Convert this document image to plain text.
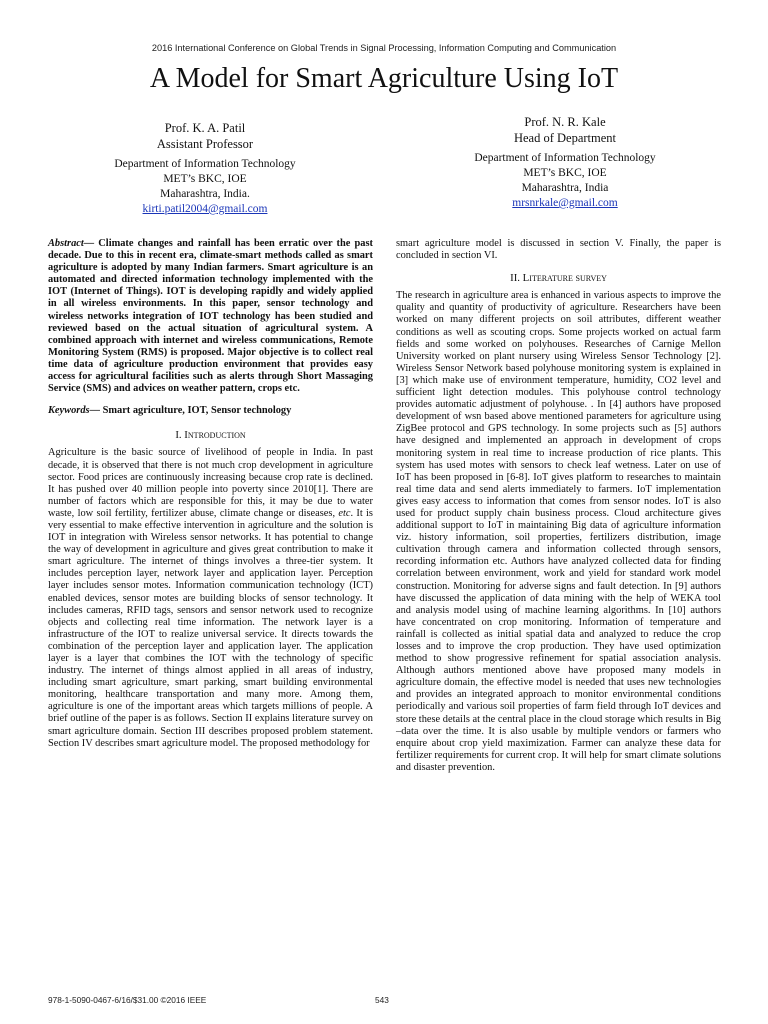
2016 International Conference on Global Trends in Signal Processing, Information Computing and Communication
A Model for Smart Agriculture Using IoT
Prof. K. A. Patil
Assistant Professor
Department of Information Technology
MET’s BKC, IOE
Maharashtra, India.
kirti.patil2004@gmail.com
Prof. N. R. Kale
Head of Department
Department of Information Technology
MET’s BKC, IOE
Maharashtra, India
mrsnrkale@gmail.com

Abstract— Climate changes and rainfall has been erratic over the past decade. Due to this in recent era, climate-smart methods called as smart agriculture is adopted by many Indian farmers. Smart agriculture is an automated and directed information technology implemented with the IOT (Internet of Things). IOT is developing rapidly and widely applied in all wireless environments. In this paper, sensor technology and wireless networks integration of IOT technology has been studied and reviewed based on the actual situation of agricultural system. A combined approach with internet and wireless communications, Remote Monitoring System (RMS) is proposed. Major objective is to collect real time data of agriculture production environment that provides easy access for agricultural facilities such as alerts through Short Massaging Service (SMS) and advices on weather pattern, crops etc.

Keywords— Smart agriculture, IOT, Sensor technology

I. Introduction

Agriculture is the basic source of livelihood of people in India. In past decade, it is observed that there is not much crop development in agriculture sector. Food prices are continuously increasing because crop rate is declined. It has pushed over 40 million people into poverty since 2010[1]. There are number of factors which are responsible for this, it may be due to water waste, low soil fertility, fertilizer abuse, climate change or diseases, etc. It is very essential to make effective intervention in agriculture and the solution is IOT in integration with Wireless sensor networks. It has potential to change the way of development in agriculture and gives great contribution to make it smart agriculture. The internet of things involves a three-tier system. It includes perception layer, network layer and application layer. Perception layer includes sensor motes. Information communication technology (ICT) enabled devices, sensor motes are building blocks of sensor technology. It includes cameras, RFID tags, sensors and sensor network used to recognize objects and collecting real time information. The network layer is a infrastructure of the IOT to realize universal service. It directs towards the combination of the perception layer and application layer. The application layer is a layer that combines the IOT with the technology of specific industry. The internet of things almost applied in all areas of industry, including smart agriculture, smart parking, smart building environmental monitoring, healthcare transportation and many more. Among them, agriculture is one of the important areas which targets millions of people. A brief outline of the paper is as follows. Section II explains literature survey on smart agriculture domain. Section III describes proposed problem statement. Section IV describes smart agriculture model. The proposed methodology for

smart agriculture model is discussed in section V. Finally, the paper is concluded in section VI.

II. Literature survey

The research in agriculture area is enhanced in various aspects to improve the quality and quantity of productivity of agriculture. Researchers have been worked on many different projects on soil attributes, different weather conditions as well as scouting crops. Some projects worked on actual farm fields and some worked on polyhouses. Researches of Carnige Mellon University worked on plant nursery using Wireless Sensor Technology [2]. Wireless Sensor Network based polyhouse monitoring system is explained in [3] which make use of environment temperature, humidity, CO2 level and sufficient light detection modules. This polyhouse control technology provides automatic adjustment of polyhouse. . In [4] authors have proposed development of wsn based above mentioned parameters for agriculture using ZigBee protocol and GPS technology. In some projects such as [5] authors have designed and implemented an approach in development of crops monitoring system in real time to increase production of rice plants. This system has used motes with sensors to check leaf wetness. Later on use of IoT has been proposed in [6-8]. IoT gives platform to researches to maintain real time data and send alerts immediately to farmers. IoT implementation gives easy access to information that comes from sensor nodes. IoT is also used for product supply chain business process. Cloud architecture gives additional support to IoT in maintaining Big data of agriculture information viz. history information, soil properties, fertilizers distribution, image cultivation through camera and information collected through sensors, recording information etc. Authors have analyzed collected data for finding correlation between environment, work and yield for standard work model construction. Monitoring for adverse signs and fault detection. In [9] authors have discussed the application of data mining with the help of WEKA tool and analysis model using of machine learning algorithms. In [10] authors have concentrated on crop monitoring. Information of temperature and rainfall is collected as initial spatial data and analyzed to reduce the crop losses and to improve the crop production. They have used optimization method to show progressive refinement for spatial association analysis. Although authors mentioned above have proposed many models in agriculture domain, the effective model is needed that uses new technologies and provides an integrated approach to monitor environmental conditions periodically and various soil properties of farm field through IoT devices and store these details at the central place in the cloud storage which results in Big –data over the time. It is also usable by multiple vendors or farmers who enquire about crop yield maximization. Farmer can analyze these data for fertilizer requirements for current crop. It will help for smart climate solutions and disaster prevention.

978-1-5090-0467-6/16/$31.00 ©2016 IEEE	543
